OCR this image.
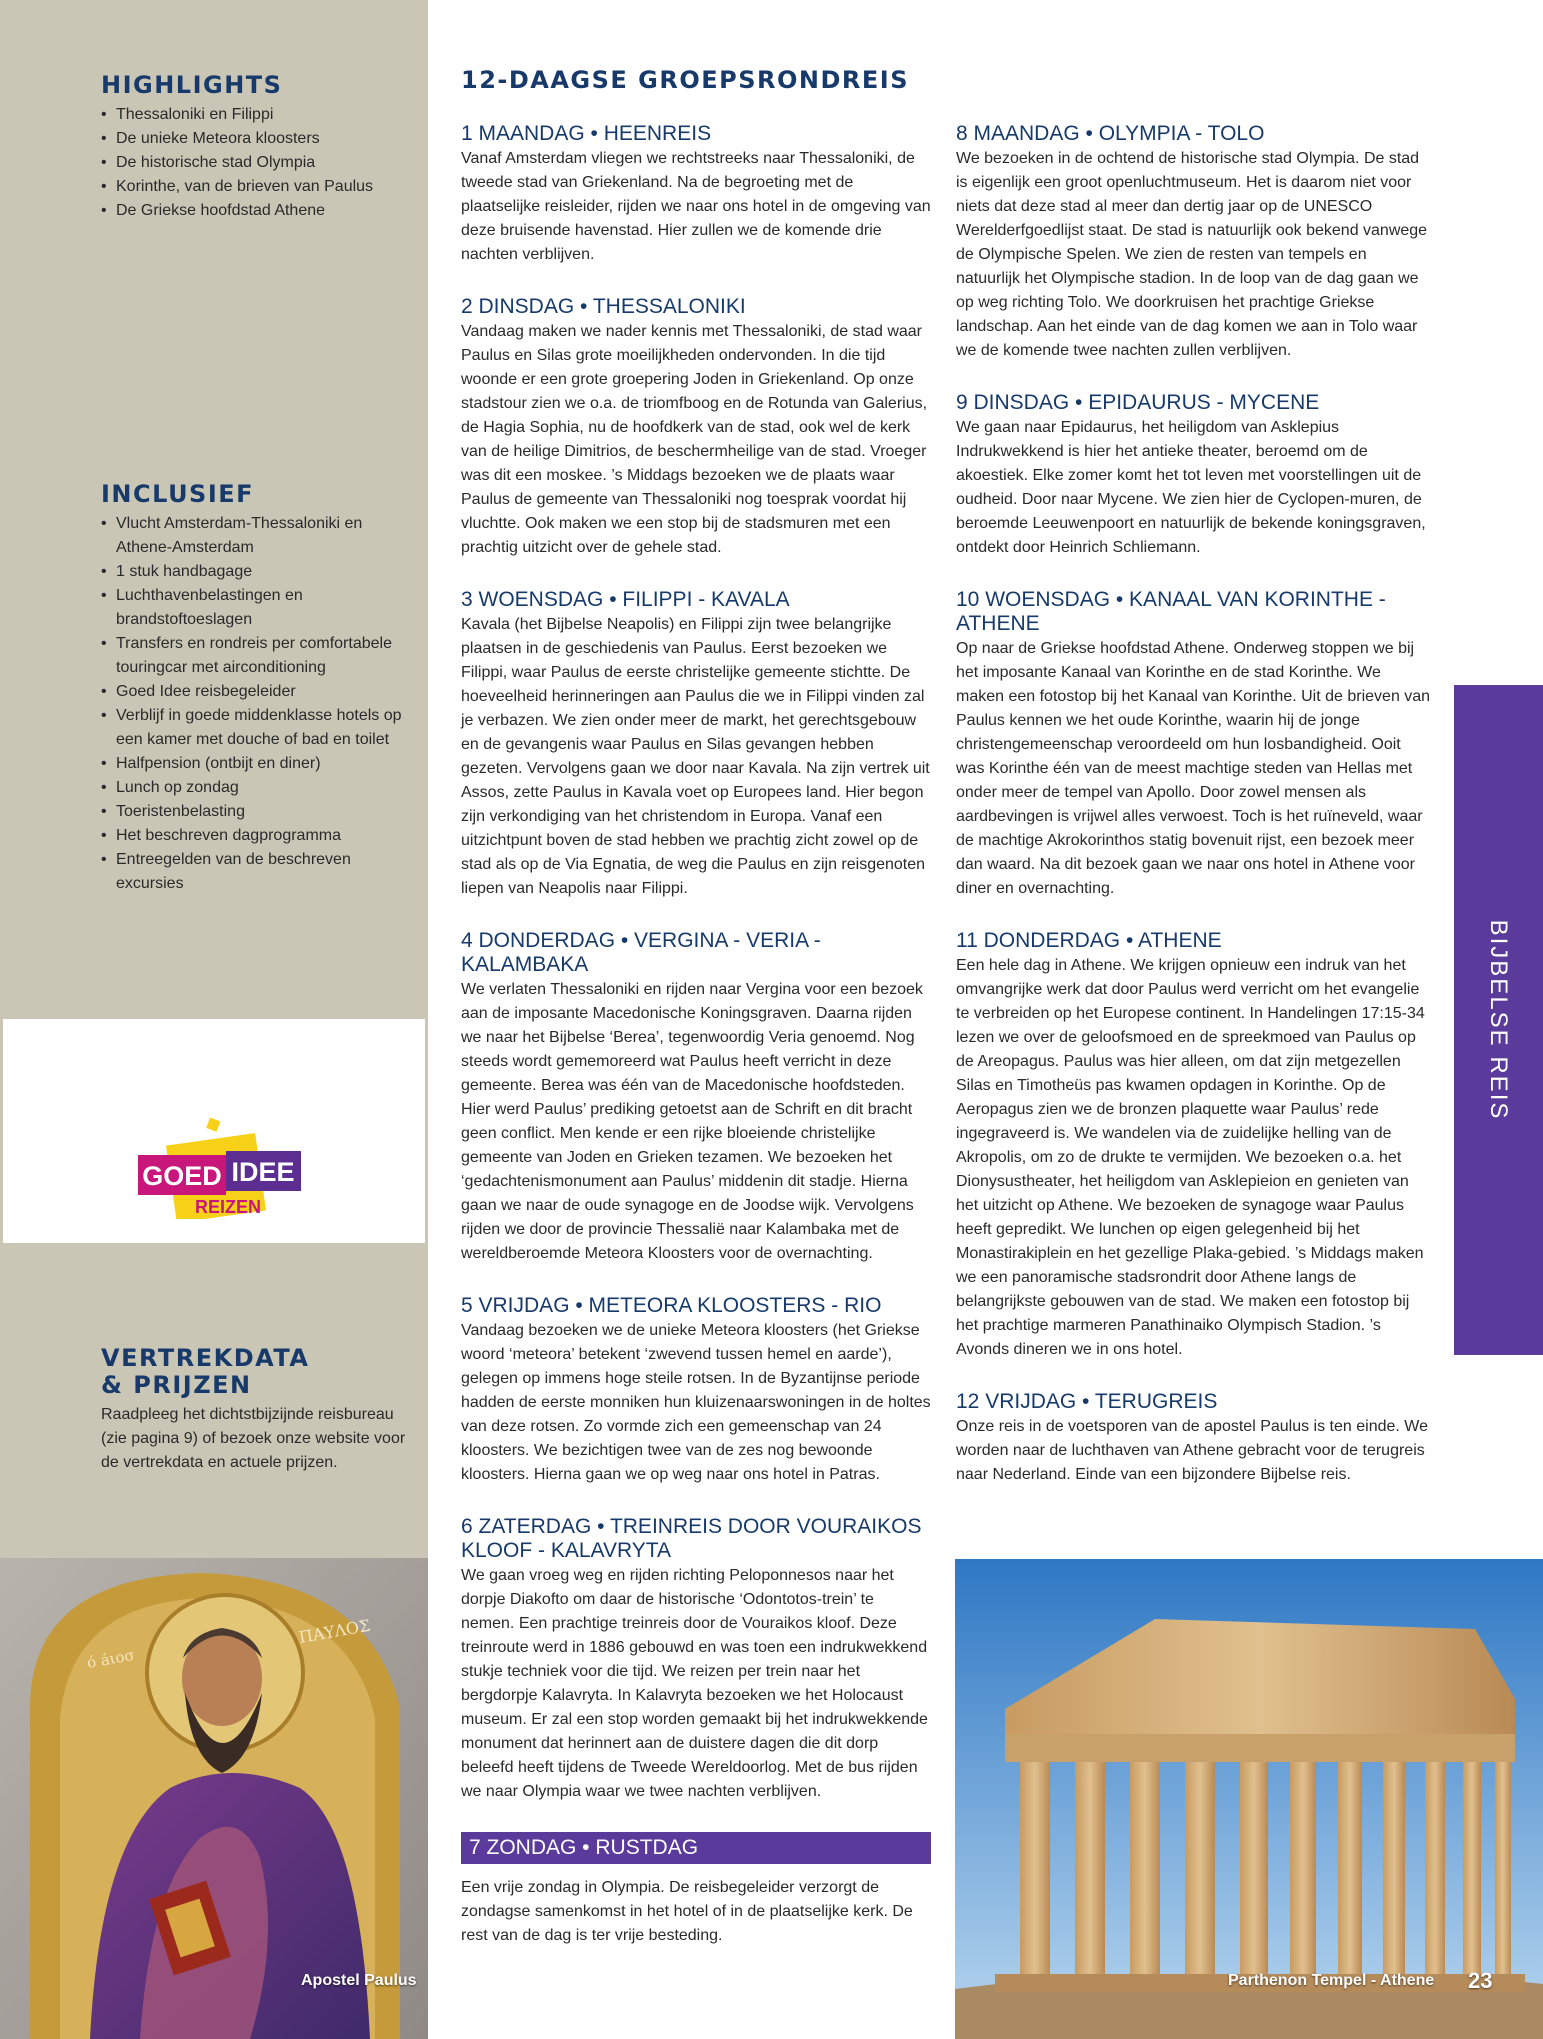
HIGHLIGHTS
• Thessaloniki en Filippi
• De unieke Meteora kloosters
• De historische stad Olympia
• Korinthe, van de brieven van Paulus
• De Griekse hoofdstad Athene
INCLUSIEF
• Vlucht Amsterdam-Thessaloniki en Athene-Amsterdam
• 1 stuk handbagage
• Luchthavenbelastingen en brandstoftoeslagen
• Transfers en rondreis per comfortabele touringcar met airconditioning
• Goed Idee reisbegeleider
• Verblijf in goede middenklasse hotels op een kamer met douche of bad en toilet
• Halfpension (ontbijt en diner)
• Lunch op zondag
• Toeristenbelasting
• Het beschreven dagprogramma
• Entreegelden van de beschreven excursies
GOED IDEE
REIZEN
VERTREKDATA & PRIJZEN

Raadpleeg het dichtstbijzijnde reisbureau (zie pagina 9) of bezoek onze website voor de vertrekdata en actuele prijzen.

ΠΑΥΛΟΣ
ó áιοσ
Apostel Paulus	Parthenon Tempel - Athene 23
12-DAAGSE GROEPSRONDREIS
1 MAANDAG • HEENREIS

Vanaf Amsterdam vliegen we rechtstreeks naar Thessaloniki, de tweede stad van Griekenland. Na de begroeting met de plaatselijke reisleider, rijden we naar ons hotel in de omgeving van deze bruisende havenstad. Hier zullen we de komende drie nachten verblijven.

2 DINSDAG • THESSALONIKI

Vandaag maken we nader kennis met Thessaloniki, de stad waar Paulus en Silas grote moeilijkheden ondervonden. In die tijd woonde er een grote groepering Joden in Griekenland. Op onze stadstour zien we o.a. de triomfboog en de Rotunda van Galerius, de Hagia Sophia, nu de hoofdkerk van de stad, ook wel de kerk van de heilige Dimitrios, de beschermheilige van de stad. Vroeger was dit een moskee. ’s Middags bezoeken we de plaats waar Paulus de gemeente van Thessaloniki nog toesprak voordat hij vluchtte. Ook maken we een stop bij de stadsmuren met een prachtig uitzicht over de gehele stad.

3 WOENSDAG • FILIPPI - KAVALA

Kavala (het Bijbelse Neapolis) en Filippi zijn twee belangrijke plaatsen in de geschiedenis van Paulus. Eerst bezoeken we Filippi, waar Paulus de eerste christelijke gemeente stichtte. De hoeveelheid herinneringen aan Paulus die we in Filippi vinden zal je verbazen. We zien onder meer de markt, het gerechtsgebouw en de gevangenis waar Paulus en Silas gevangen hebben gezeten. Vervolgens gaan we door naar Kavala. Na zijn vertrek uit Assos, zette Paulus in Kavala voet op Europees land. Hier begon zijn verkondiging van het christendom in Europa. Vanaf een uitzichtpunt boven de stad hebben we prachtig zicht zowel op de stad als op de Via Egnatia, de weg die Paulus en zijn reisgenoten liepen van Neapolis naar Filippi.

4 DONDERDAG • VERGINA - VERIA - KALAMBAKA

We verlaten Thessaloniki en rijden naar Vergina voor een bezoek aan de imposante Macedonische Koningsgraven. Daarna rijden we naar het Bijbelse ‘Berea’, tegenwoordig Veria genoemd. Nog steeds wordt gememoreerd wat Paulus heeft verricht in deze gemeente. Berea was één van de Macedonische hoofdsteden. Hier werd Paulus’ prediking getoetst aan de Schrift en dit bracht geen conflict. Men kende er een rijke bloeiende christelijke gemeente van Joden en Grieken tezamen. We bezoeken het ‘gedachtenismonument aan Paulus’ middenin dit stadje. Hierna gaan we naar de oude synagoge en de Joodse wijk. Vervolgens rijden we door de provincie Thessalië naar Kalambaka met de wereldberoemde Meteora Kloosters voor de overnachting.

5 VRIJDAG • METEORA KLOOSTERS - RIO

Vandaag bezoeken we de unieke Meteora kloosters (het Griekse woord ‘meteora’ betekent ‘zwevend tussen hemel en aarde’), gelegen op immens hoge steile rotsen. In de Byzantijnse periode hadden de eerste monniken hun kluizenaarswoningen in de holtes van deze rotsen. Zo vormde zich een gemeenschap van 24 kloosters. We bezichtigen twee van de zes nog bewoonde kloosters. Hierna gaan we op weg naar ons hotel in Patras.

6 ZATERDAG • TREINREIS DOOR VOURAIKOS KLOOF - KALAVRYTA

We gaan vroeg weg en rijden richting Peloponnesos naar het dorpje Diakofto om daar de historische ‘Odontotos-trein’ te nemen. Een prachtige treinreis door de Vouraikos kloof. Deze treinroute werd in 1886 gebouwd en was toen een indrukwekkend stukje techniek voor die tijd. We reizen per trein naar het bergdorpje Kalavryta. In Kalavryta bezoeken we het Holocaust museum. Er zal een stop worden gemaakt bij het indrukwekkende monument dat herinnert aan de duistere dagen die dit dorp beleefd heeft tijdens de Tweede Wereldoorlog. Met de bus rijden we naar Olympia waar we twee nachten verblijven.

7 ZONDAG • RUSTDAG

Een vrije zondag in Olympia. De reisbegeleider verzorgt de zondagse samenkomst in het hotel of in de plaatselijke kerk. De rest van de dag is ter vrije besteding.

8 MAANDAG • OLYMPIA - TOLO

We bezoeken in de ochtend de historische stad Olympia. De stad is eigenlijk een groot openluchtmuseum. Het is daarom niet voor niets dat deze stad al meer dan dertig jaar op de UNESCO Werelderfgoedlijst staat. De stad is natuurlijk ook bekend vanwege de Olympische Spelen. We zien de resten van tempels en natuurlijk het Olympische stadion. In de loop van de dag gaan we op weg richting Tolo. We doorkruisen het prachtige Griekse landschap. Aan het einde van de dag komen we aan in Tolo waar we de komende twee nachten zullen verblijven.

9 DINSDAG • EPIDAURUS - MYCENE

We gaan naar Epidaurus, het heiligdom van Asklepius Indrukwekkend is hier het antieke theater, beroemd om de akoestiek. Elke zomer komt het tot leven met voorstellingen uit de oudheid. Door naar Mycene. We zien hier de Cyclopen-muren, de beroemde Leeuwenpoort en natuurlijk de bekende koningsgraven, ontdekt door Heinrich Schliemann.

10 WOENSDAG • KANAAL VAN KORINTHE - ATHENE

Op naar de Griekse hoofdstad Athene. Onderweg stoppen we bij het imposante Kanaal van Korinthe en de stad Korinthe. We maken een fotostop bij het Kanaal van Korinthe. Uit de brieven van Paulus kennen we het oude Korinthe, waarin hij de jonge christengemeenschap veroordeeld om hun losbandigheid. Ooit was Korinthe één van de meest machtige steden van Hellas met onder meer de tempel van Apollo. Door zowel mensen als aardbevingen is vrijwel alles verwoest. Toch is het ruïneveld, waar de machtige Akrokorinthos statig bovenuit rijst, een bezoek meer dan waard. Na dit bezoek gaan we naar ons hotel in Athene voor diner en overnachting.

11 DONDERDAG • ATHENE

Een hele dag in Athene. We krijgen opnieuw een indruk van het omvangrijke werk dat door Paulus werd verricht om het evangelie te verbreiden op het Europese continent. In Handelingen 17:15-34 lezen we over de geloofsmoed en de spreekmoed van Paulus op de Areopagus. Paulus was hier alleen, om dat zijn metgezellen Silas en Timotheüs pas kwamen opdagen in Korinthe. Op de Aeropagus zien we de bronzen plaquette waar Paulus’ rede ingegraveerd is. We wandelen via de zuidelijke helling van de Akropolis, om zo de drukte te vermijden. We bezoeken o.a. het Dionysustheater, het heiligdom van Asklepieion en genieten van het uitzicht op Athene. We bezoeken de synagoge waar Paulus heeft gepredikt. We lunchen op eigen gelegenheid bij het Monastirakiplein en het gezellige Plaka-gebied. ’s Middags maken we een panoramische stadsrondrit door Athene langs de belangrijkste gebouwen van de stad. We maken een fotostop bij het prachtige marmeren Panathinaiko Olympisch Stadion. ’s Avonds dineren we in ons hotel.

12 VRIJDAG • TERUGREIS

Onze reis in de voetsporen van de apostel Paulus is ten einde. We worden naar de luchthaven van Athene gebracht voor de terugreis naar Nederland. Einde van een bijzondere Bijbelse reis.

BIJBELSE REIS
